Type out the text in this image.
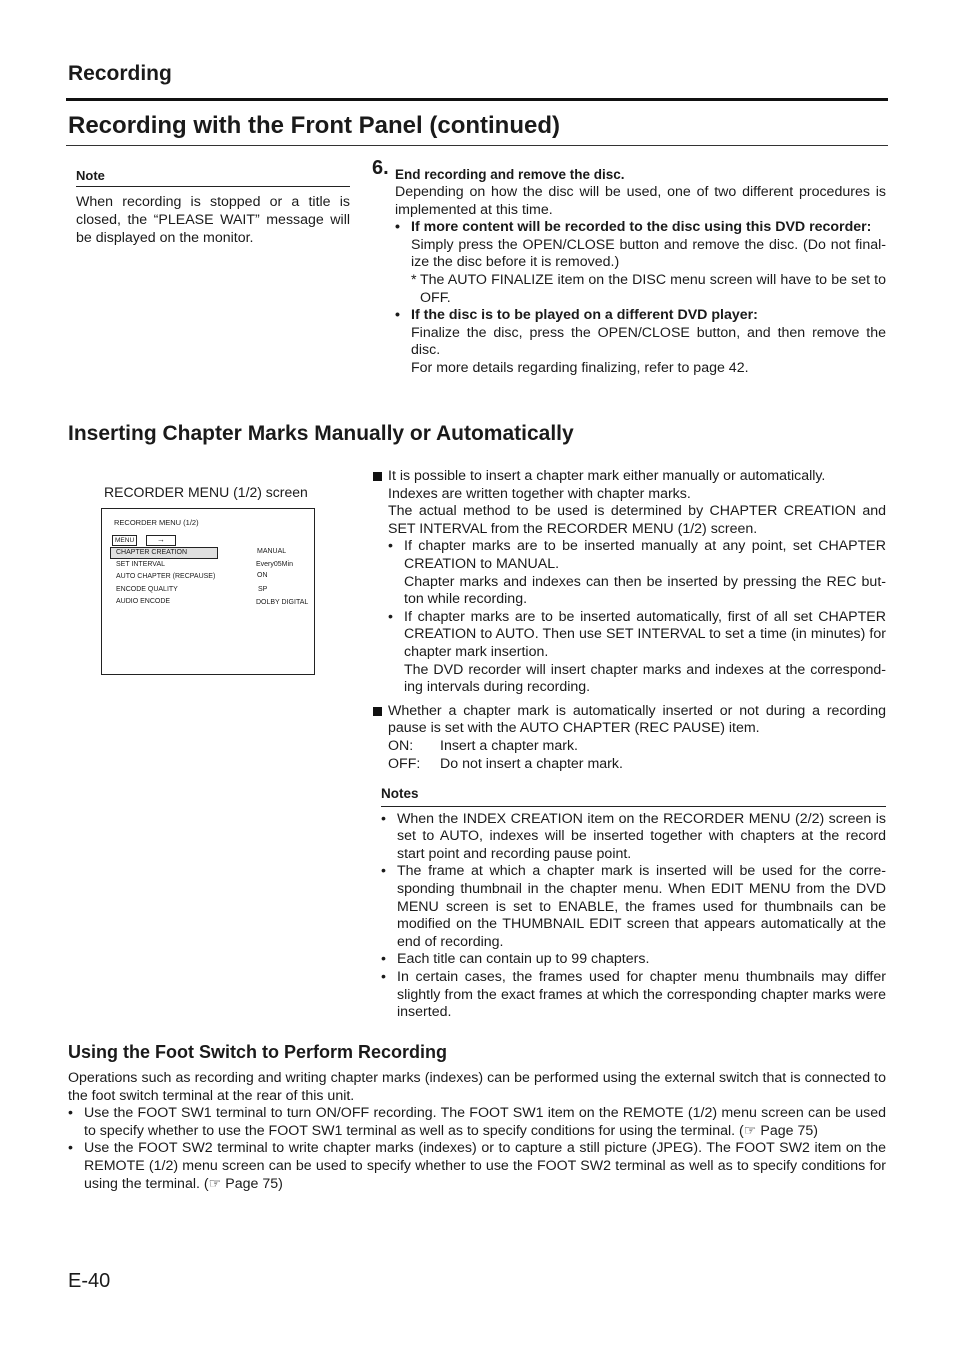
Recording
Recording with the Front Panel (continued)
Note
When recording is stopped or a title is closed, the “PLEASE WAIT” message will be displayed on the monitor.
6. End recording and remove the disc.
Depending on how the disc will be used, one of two different procedures is implemented at this time.
• If more content will be recorded to the disc using this DVD recorder:
Simply press the OPEN/CLOSE button and remove the disc. (Do not final-ize the disc before it is removed.)
* The AUTO FINALIZE item on the DISC menu screen will have to be set to OFF.
• If the disc is to be played on a different DVD player:
Finalize the disc, press the OPEN/CLOSE button, and then remove the disc.
For more details regarding finalizing, refer to page 42.
Inserting Chapter Marks Manually or Automatically
RECORDER MENU (1/2) screen
RECORDER MENU (1/2)
MENU	→
CHAPTER CREATION	MANUAL
SET INTERVAL	Every05Min
AUTO CHAPTER (RECPAUSE)	ON
ENCODE QUALITY	SP
AUDIO ENCODE	DOLBY DIGITAL
It is possible to insert a chapter mark either manually or automatically.
Indexes are written together with chapter marks.
The actual method to be used is determined by CHAPTER CREATION and SET INTERVAL from the RECORDER MENU (1/2) screen.
• If chapter marks are to be inserted manually at any point, set CHAPTER CREATION to MANUAL.
Chapter marks and indexes can then be inserted by pressing the REC but-ton while recording.
• If chapter marks are to be inserted automatically, first of all set CHAPTER CREATION to AUTO. Then use SET INTERVAL to set a time (in minutes) for chapter mark insertion.
The DVD recorder will insert chapter marks and indexes at the correspond-ing intervals during recording.
Whether a chapter mark is automatically inserted or not during a recording pause is set with the AUTO CHAPTER (REC PAUSE) item.
ON:	Insert a chapter mark.
OFF:	Do not insert a chapter mark.
Notes
• When the INDEX CREATION item on the RECORDER MENU (2/2) screen is set to AUTO, indexes will be inserted together with chapters at the record start point and recording pause point.
• The frame at which a chapter mark is inserted will be used for the corre-sponding thumbnail in the chapter menu. When EDIT MENU from the DVD MENU screen is set to ENABLE, the frames used for thumbnails can be modified on the THUMBNAIL EDIT screen that appears automatically at the end of recording.
• Each title can contain up to 99 chapters.
• In certain cases, the frames used for chapter menu thumbnails may differ slightly from the exact frames at which the corresponding chapter marks were inserted.
Using the Foot Switch to Perform Recording

Operations such as recording and writing chapter marks (indexes) can be performed using the external switch that is connected to the foot switch terminal at the rear of this unit.

• Use the FOOT SW1 terminal to turn ON/OFF recording. The FOOT SW1 item on the REMOTE (1/2) menu screen can be used to specify whether to use the FOOT SW1 terminal as well as to specify conditions for using the terminal. (☞ Page 75)
• Use the FOOT SW2 terminal to write chapter marks (indexes) or to capture a still picture (JPEG). The FOOT SW2 item on the REMOTE (1/2) menu screen can be used to specify whether to use the FOOT SW2 terminal as well as to specify conditions for using the terminal. (☞ Page 75)
E-40
